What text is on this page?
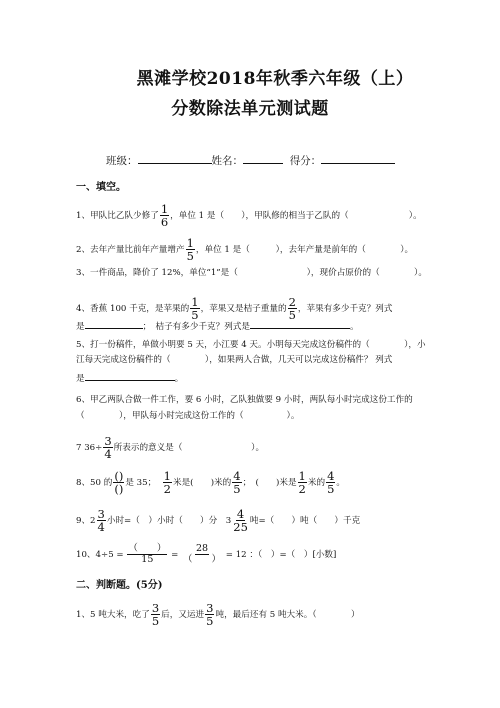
黑滩学校2018年秋季六年级（上）
分数除法单元测试题
班级：	姓名：	得分：
一、填空。
1、甲队比乙队少修了 $\frac{1}{6}$ ，单位 1 是（　　），甲队修的相当于乙队的（　　　　　　　）。
2、去年产量比前年产量增产 $\frac{1}{5}$ ，单位 1 是（　　　），去年产量是前年的（　　　　）。
3、一件商品，降价了 12%，单位“1”是（　　　　　　　　），现价占原价的（　　　　）。
4、香蕉 100 千克，是苹果的 $\frac{1}{5}$ ，苹果又是桔子重量的 $\frac{2}{5}$ ，苹果有多少千克？列式
是	；　桔子有多少千克？列式是	。
5、打一份稿件，单做小明要 5 天，小江要 4 天。小明每天完成这份稿件的（　　　　），小
江每天完成这份稿件的（　　　　），如果两人合做，几天可以完成这份稿件？ 列式
是	。
6、甲乙两队合做一件工作，要 6 小时，乙队独做要 9 小时，两队每小时完成这份工作的
（　　　　），甲队每小时完成这份工作的（　　　　　）。
7 $36\div \frac{3}{4}$ 所表示的意义是（　　　　　　　　）。
8、50 的 $\frac{()}{()}$ 是 35； $\frac{1}{2}$ 米是(　　)米的 $\frac{4}{5}$ ；　(　　)米是 $\frac{1}{2}$ 米的 $\frac{4}{5}$ 。
9、$2 \frac{3}{4}$ 小时=（　）小时（　　）分　$3 \frac{4}{25}$ 吨=（　　）吨（　　）千克
10、$4\div 5 = \frac{( )}{15} = \frac{28}{( )} = 12$ ：（　）=（　）[小数]
二、判断题。(5分)
1、5 吨大米，吃了 $\frac{3}{5}$ 后，又运进 $\frac{3}{5}$ 吨，最后还有 5 吨大米。（　　　　）
